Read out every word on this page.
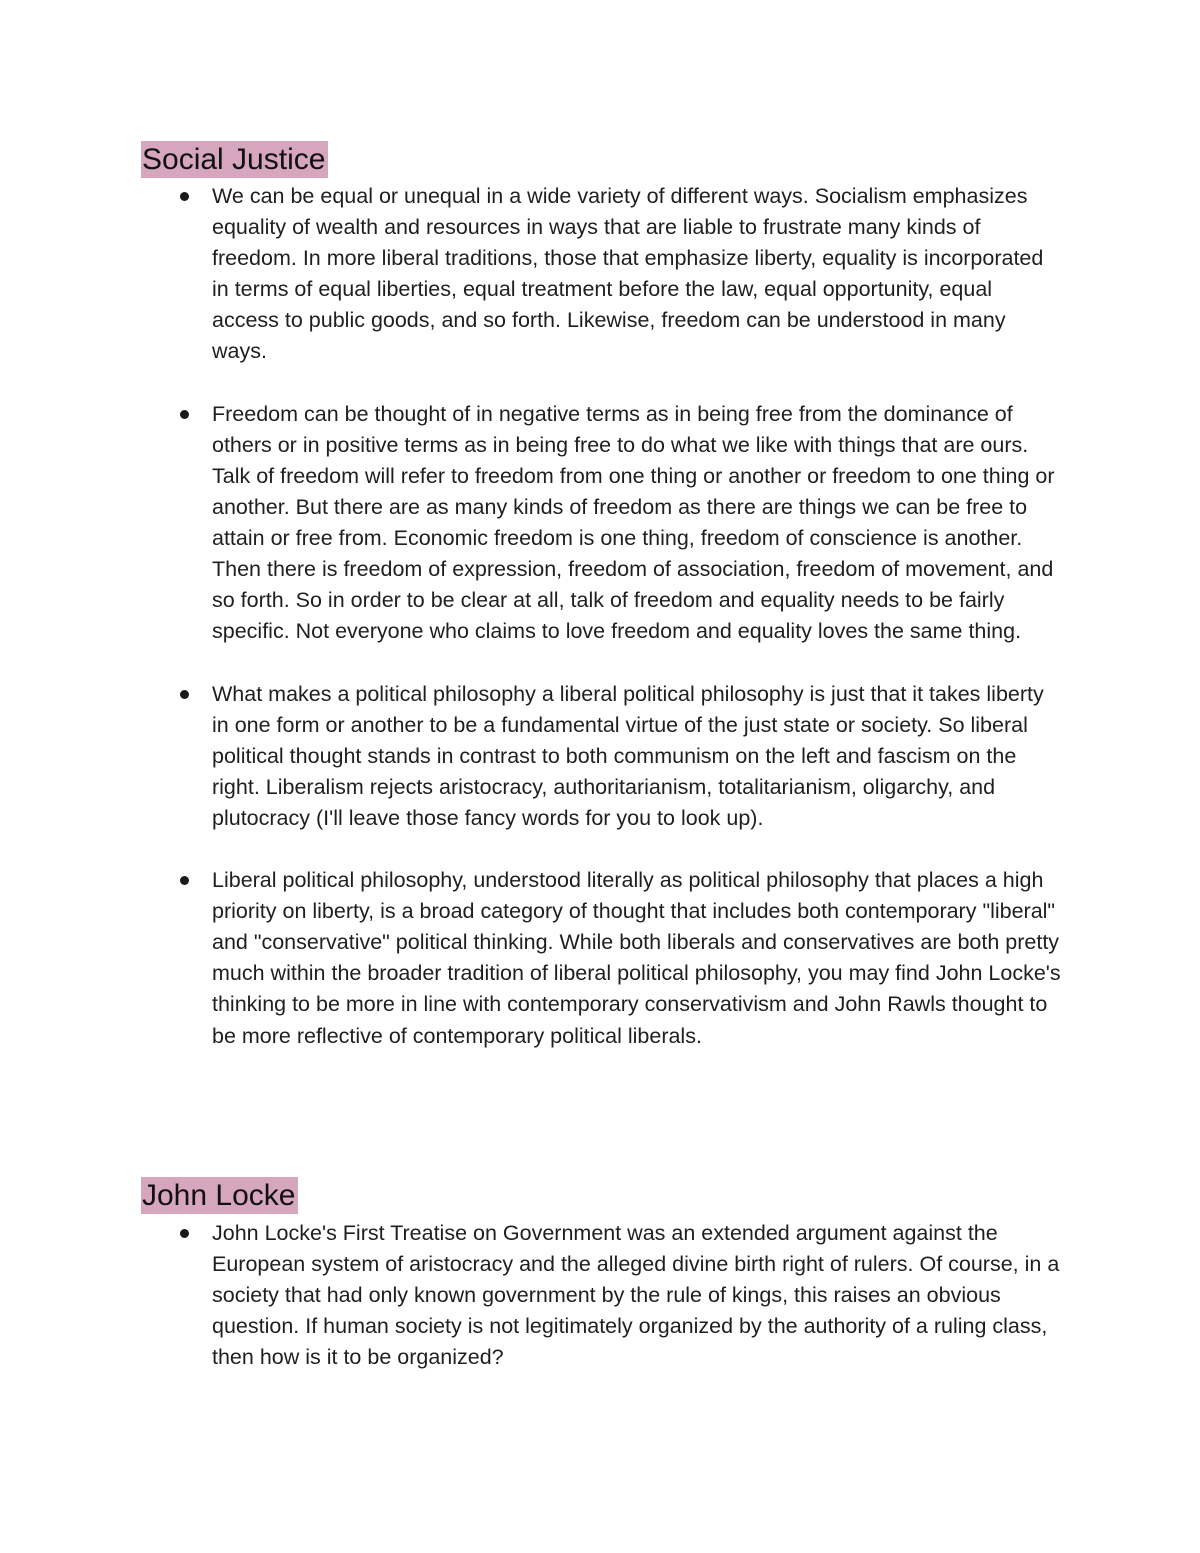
Social Justice
We can be equal or unequal in a wide variety of different ways. Socialism emphasizes equality of wealth and resources in ways that are liable to frustrate many kinds of freedom. In more liberal traditions, those that emphasize liberty, equality is incorporated in terms of equal liberties, equal treatment before the law, equal opportunity, equal access to public goods, and so forth. Likewise, freedom can be understood in many ways.
Freedom can be thought of in negative terms as in being free from the dominance of others or in positive terms as in being free to do what we like with things that are ours. Talk of freedom will refer to freedom from one thing or another or freedom to one thing or another. But there are as many kinds of freedom as there are things we can be free to attain or free from. Economic freedom is one thing, freedom of conscience is another. Then there is freedom of expression, freedom of association, freedom of movement, and so forth. So in order to be clear at all, talk of freedom and equality needs to be fairly specific. Not everyone who claims to love freedom and equality loves the same thing.
What makes a political philosophy a liberal political philosophy is just that it takes liberty in one form or another to be a fundamental virtue of the just state or society. So liberal political thought stands in contrast to both communism on the left and fascism on the right. Liberalism rejects aristocracy, authoritarianism, totalitarianism, oligarchy, and plutocracy (I'll leave those fancy words for you to look up).
Liberal political philosophy, understood literally as political philosophy that places a high priority on liberty, is a broad category of thought that includes both contemporary "liberal" and "conservative" political thinking. While both liberals and conservatives are both pretty much within the broader tradition of liberal political philosophy, you may find John Locke's thinking to be more in line with contemporary conservativism and John Rawls thought to be more reflective of contemporary political liberals.
John Locke
John Locke's First Treatise on Government was an extended argument against the European system of aristocracy and the alleged divine birth right of rulers. Of course, in a society that had only known government by the rule of kings, this raises an obvious question. If human society is not legitimately organized by the authority of a ruling class, then how is it to be organized?
